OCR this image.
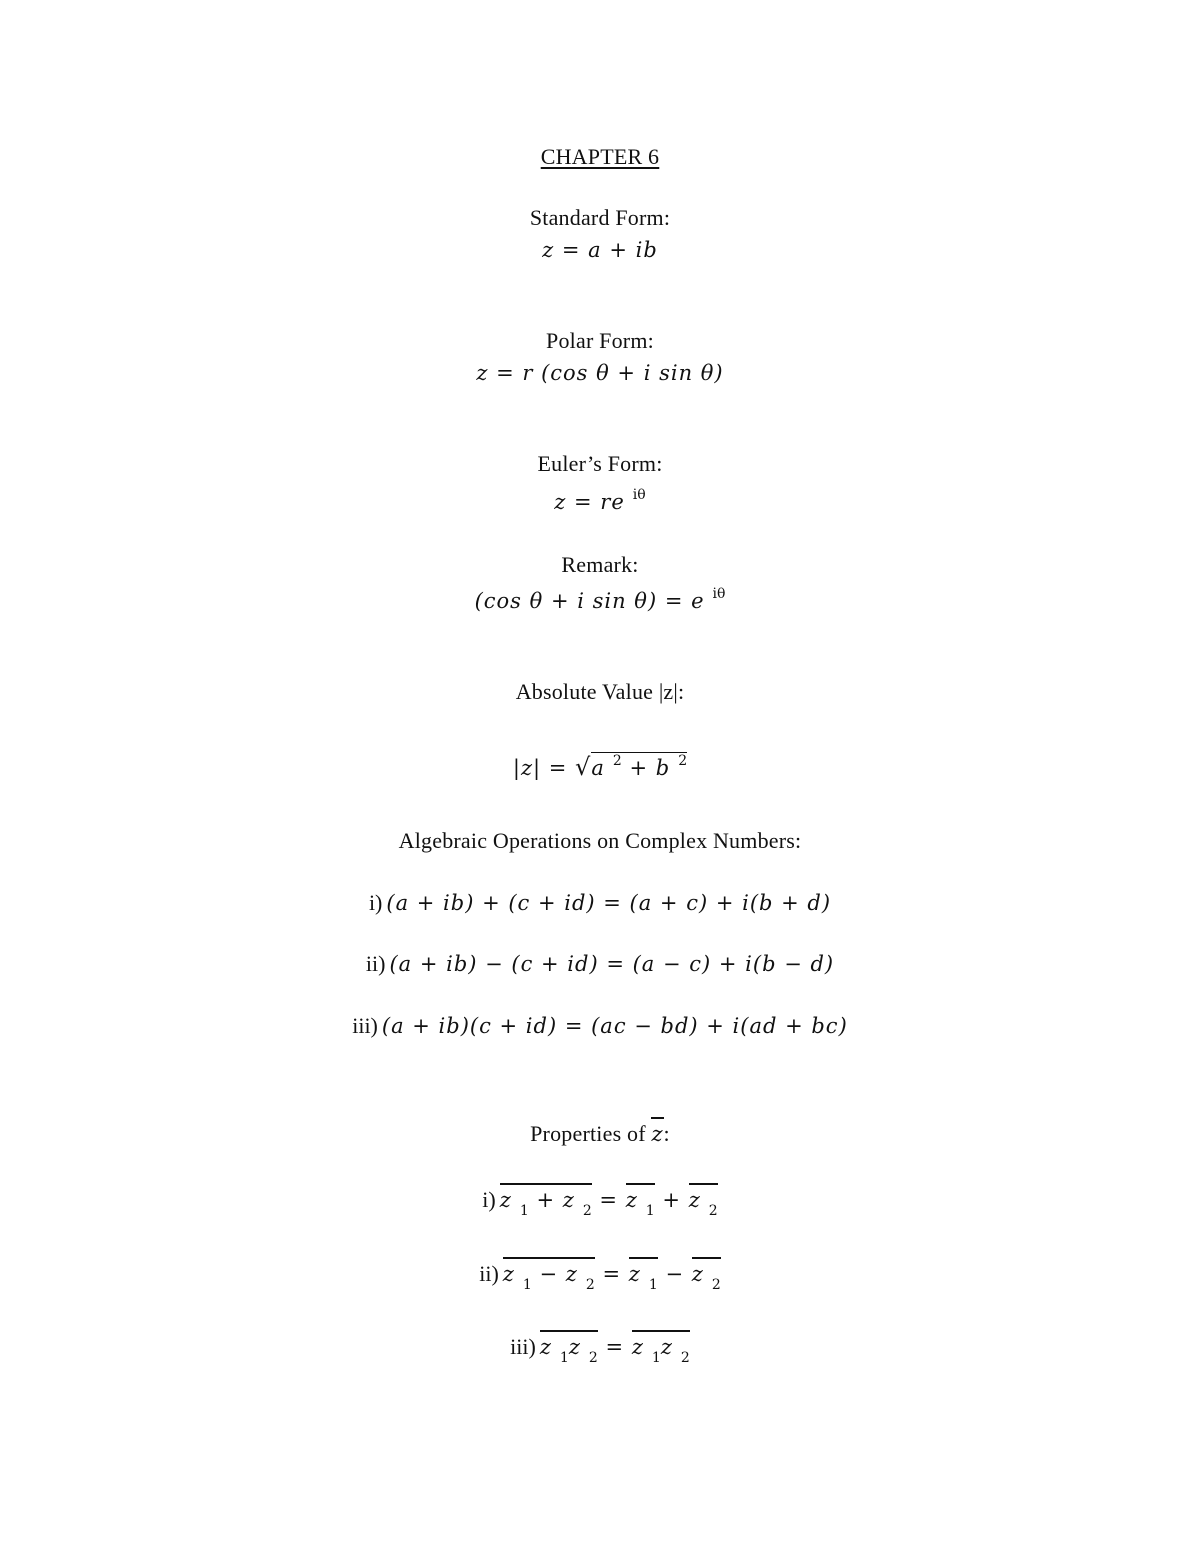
CHAPTER 6
Standard Form:
z = a + ib
Polar Form:
z = r (cos θ + i sin θ)
Euler’s Form:
z = re $^{i\theta}$
Remark:
(cos θ + i sin θ) = e $^{i\theta}$
Absolute Value |z|:
|z| = √a $^2$ + b $^2$
Algebraic Operations on Complex Numbers:
i) (a + ib) + (c + id) = (a + c) + i(b + d)
ii) (a + ib) − (c + id) = (a − c) + i(b − d)
iii) (a + ib)(c + id) = (ac − bd) + i(ad + bc)
Properties of z:
i) z $_1$ + z $_2$ = z $_1$ + z $_2$
ii) z $_1$ − z $_2$ = z $_1$ − z $_2$
iii) z $_1$z $_2$ = z $_1$z $_2$
